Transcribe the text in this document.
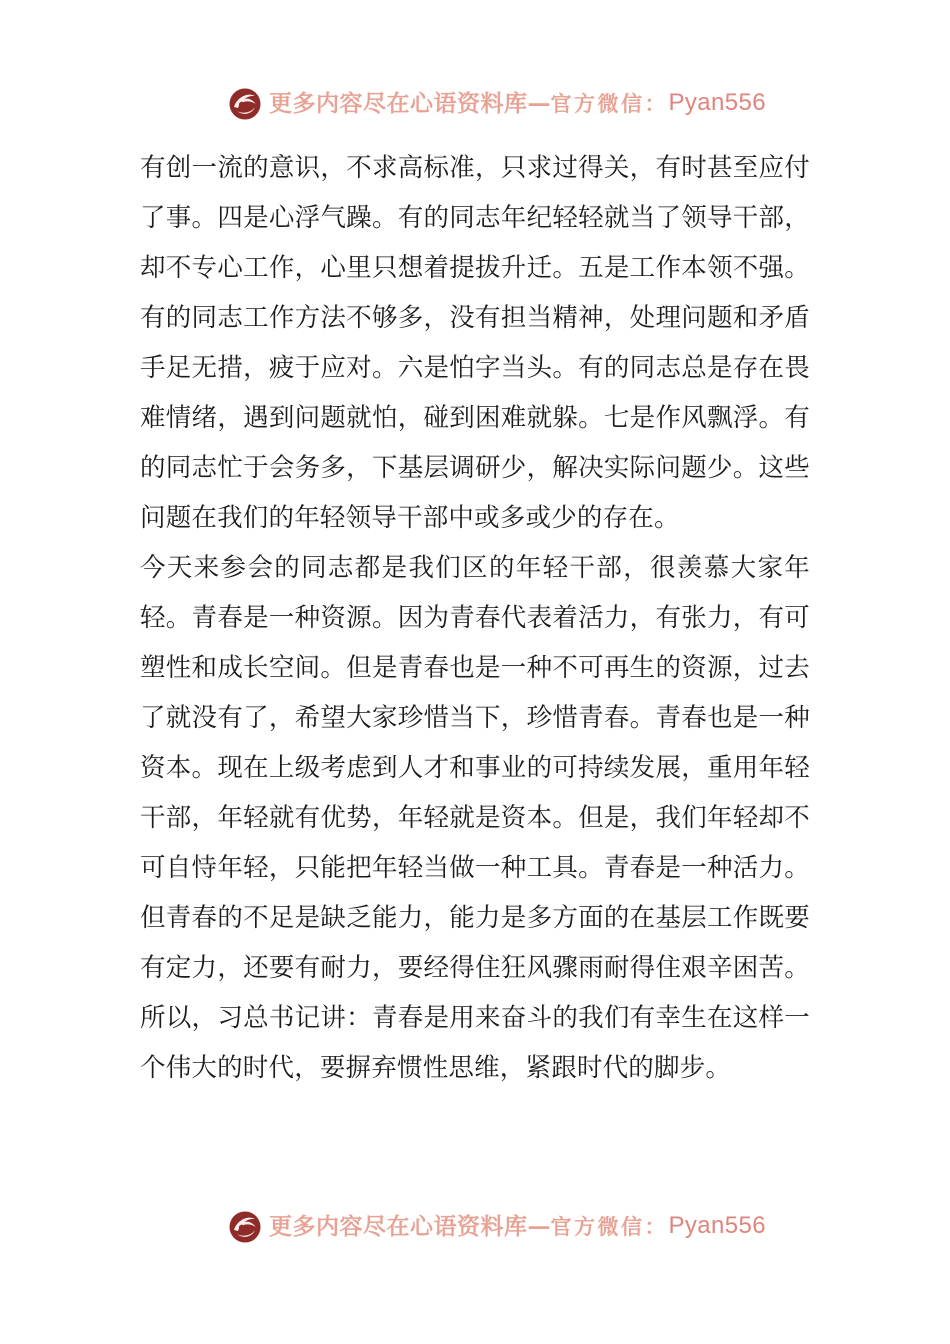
更多内容尽在心语资料库 — 官方微信 ： Pyan556

有创一流的意识，不求高标准，只求过得关，有时甚至应付了事。四是心浮气躁。有的同志年纪轻轻就当了领导干部，却不专心工作，心里只想着提拔升迁。五是工作本领不强。有的同志工作方法不够多，没有担当精神，处理问题和矛盾手足无措，疲于应对。六是怕字当头。有的同志总是存在畏难情绪，遇到问题就怕，碰到困难就躲。七是作风飘浮。有的同志忙于会务多，下基层调研少，解决实际问题少。这些问题在我们的年轻领导干部中或多或少的存在。

今天来参会的同志都是我们区的年轻干部，很羡慕大家年轻。青春是一种资源。因为青春代表着活力，有张力，有可塑性和成长空间。但是青春也是一种不可再生的资源，过去了就没有了，希望大家珍惜当下，珍惜青春。青春也是一种资本。现在上级考虑到人才和事业的可持续发展，重用年轻干部，年轻就有优势，年轻就是资本。但是，我们年轻却不可自恃年轻，只能把年轻当做一种工具。青春是一种活力。但青春的不足是缺乏能力，能力是多方面的在基层工作既要有定力，还要有耐力，要经得住狂风骤雨耐得住艰辛困苦。所以，习总书记讲：青春是用来奋斗的我们有幸生在这样一个伟大的时代，要摒弃惯性思维，紧跟时代的脚步。

更多内容尽在心语资料库 — 官方微信 ： Pyan556
